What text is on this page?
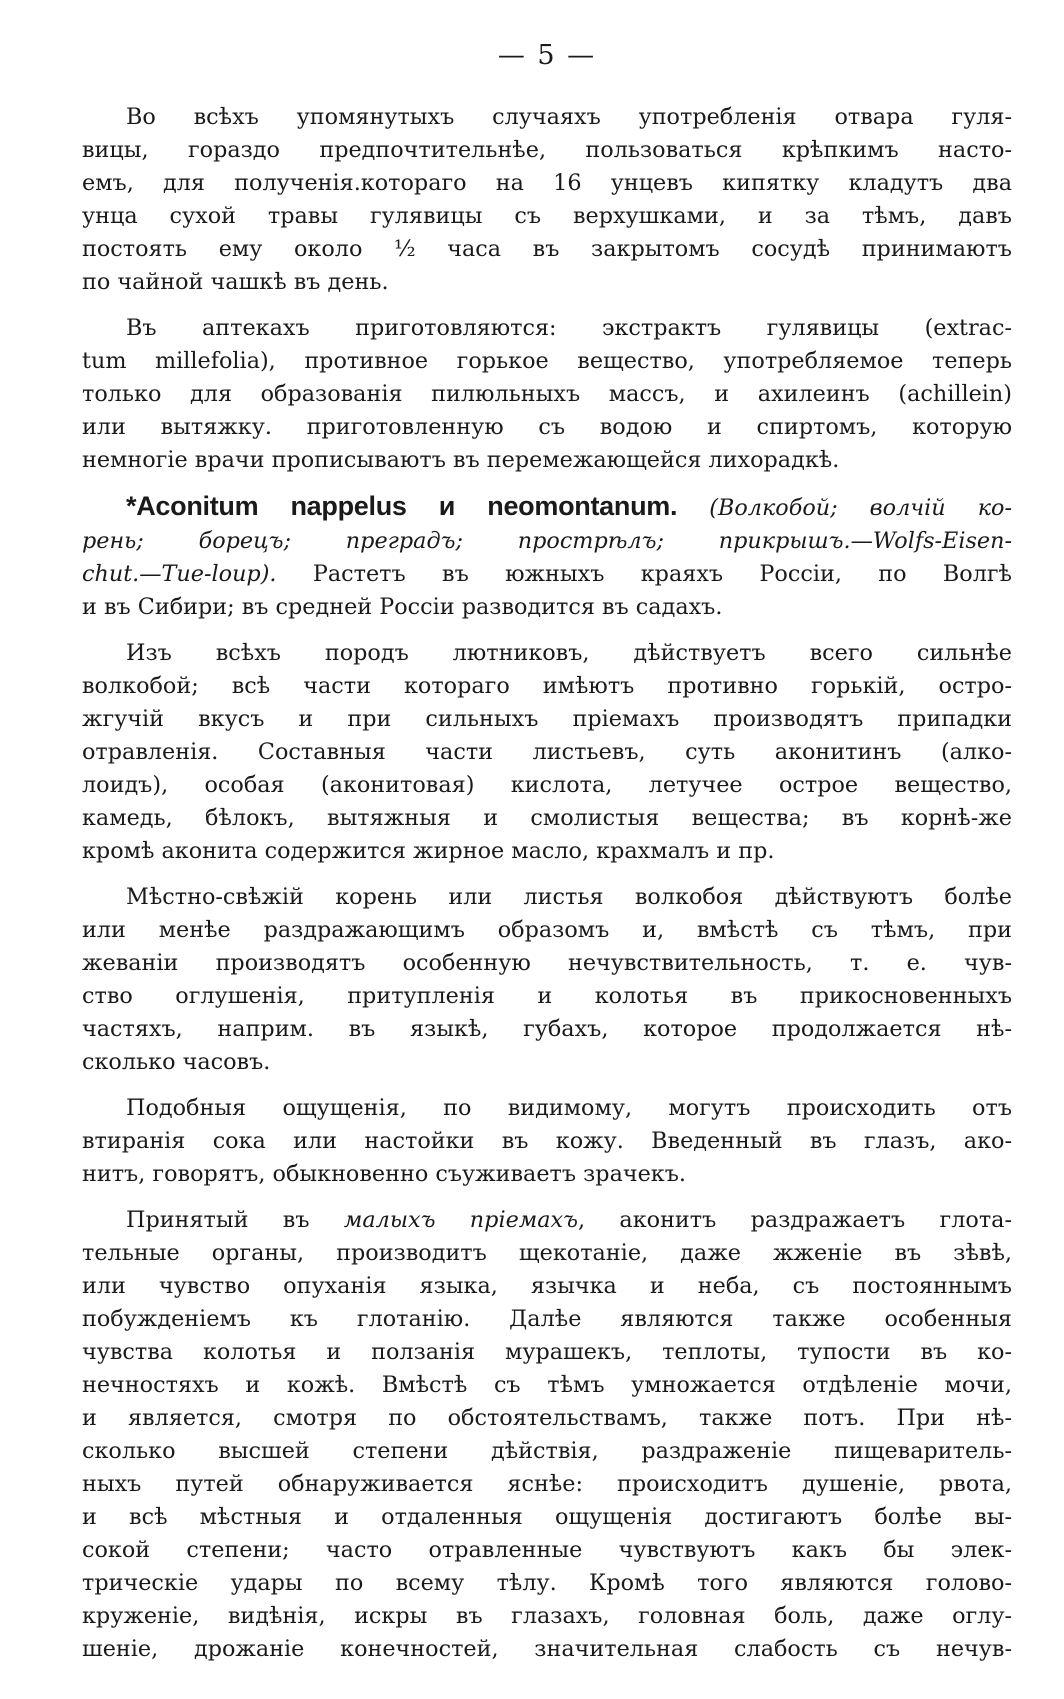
— 5 —
Во всѣхъ упомянутыхъ случаяхъ употребленія отвара гуля-
вицы, гораздо предпочтительнѣе, пользоваться крѣпкимъ насто-
емъ, для полученія.котораго на 16 унцевъ кипятку кладутъ два
унца сухой травы гулявицы съ верхушками, и за тѣмъ, давъ
постоять ему около ½ часа въ закрытомъ сосудѣ принимаютъ
по чайной чашкѣ въ день.
Въ аптекахъ приготовляются: экстрактъ гулявицы (extrac-
tum millefolia), противное горькое вещество, употребляемое теперь
только для образованія пилюльныхъ массъ, и ахилеинъ (achillein)
или вытяжку. приготовленную съ водою и спиртомъ, которую
немногіе врачи прописываютъ въ перемежающейся лихорадкѣ.
*Aconitum nappelus и neomontanum. (Волкобой; волчій ко-
рень; борецъ; преградъ; прострѣлъ; прикрышъ.—Wolfs-Eisen-
chut.—Tue-loup). Растетъ въ южныхъ краяхъ Россіи, по Волгѣ
и въ Сибири; въ средней Россіи разводится въ садахъ.
Изъ всѣхъ породъ лютниковъ, дѣйствуетъ всего сильнѣе
волкобой; всѣ части котораго имѣютъ противно горькій, остро-
жгучій вкусъ и при сильныхъ пріемахъ производятъ припадки
отравленія. Составныя части листьевъ, суть аконитинъ (алко-
лоидъ), особая (аконитовая) кислота, летучее острое вещество,
камедь, бѣлокъ, вытяжныя и смолистыя вещества; въ корнѣ-же
кромѣ аконита содержится жирное масло, крахмалъ и пр.
Мѣстно-свѣжій корень или листья волкобоя дѣйствуютъ болѣе
или менѣе раздражающимъ образомъ и, вмѣстѣ съ тѣмъ, при
жеваніи производятъ особенную нечувствительность, т. е. чув-
ство оглушенія, притупленія и колотья въ прикосновенныхъ
частяхъ, наприм. въ языкѣ, губахъ, которое продолжается нѣ-
сколько часовъ.
Подобныя ощущенія, по видимому, могутъ происходить отъ
втиранія сока или настойки въ кожу. Введенный въ глазъ, ако-
нитъ, говорятъ, обыкновенно съуживаетъ зрачекъ.
Принятый въ малыхъ пріемахъ, аконитъ раздражаетъ глота-
тельные органы, производитъ щекотаніе, даже жженіе въ зѣвѣ,
или чувство опуханія языка, язычка и неба, съ постояннымъ
побужденіемъ къ глотанію. Далѣе являются также особенныя
чувства колотья и ползанія мурашекъ, теплоты, тупости въ ко-
нечностяхъ и кожѣ. Вмѣстѣ съ тѣмъ умножается отдѣленіе мочи,
и является, смотря по обстоятельствамъ, также потъ. При нѣ-
сколько высшей степени дѣйствія, раздраженіе пищеваритель-
ныхъ путей обнаруживается яснѣе: происходитъ душеніе, рвота,
и всѣ мѣстныя и отдаленныя ощущенія достигаютъ болѣе вы-
сокой степени; часто отравленные чувствуютъ какъ бы элек-
трическіе удары по всему тѣлу. Кромѣ того являются голово-
круженіе, видѣнія, искры въ глазахъ, головная боль, даже оглу-
шеніе, дрожаніе конечностей, значительная слабость съ нечув-
